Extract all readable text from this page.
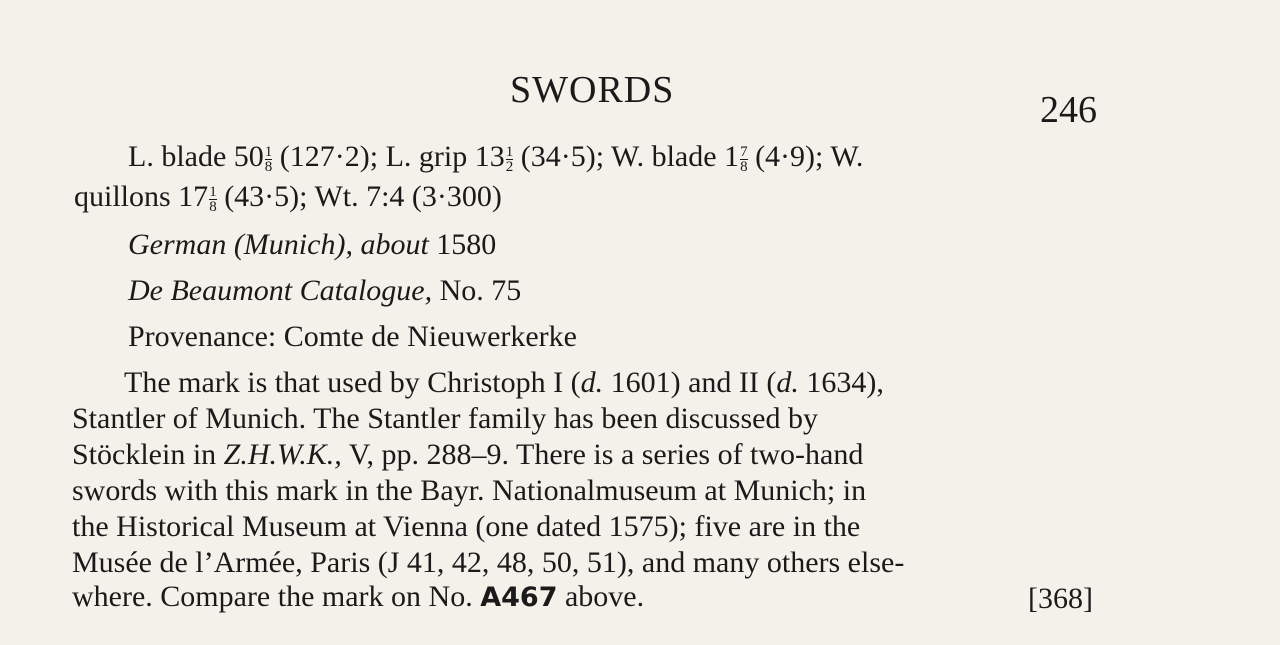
SWORDS	246
L. blade $50 \frac{1}{8} (127\cdot 2)$; L. grip $13 \frac{1}{2} (34\cdot 5)$; W. blade $1 \frac{7}{8} (4\cdot 9)$; W.
quillons $17 \frac{1}{8} (43\cdot 5)$; Wt. 7:4 (3·300)
German (Munich), about 1580
De Beaumont Catalogue, No. 75
Provenance: Comte de Nieuwerkerke
The mark is that used by Christoph I (d. 1601) and II (d. 1634),
Stantler of Munich. The Stantler family has been discussed by
Stöcklein in Z.H.W.K., V, pp. 288–9. There is a series of two-hand
swords with this mark in the Bayr. Nationalmuseum at Munich; in
the Historical Museum at Vienna (one dated 1575); five are in the
Musée de l’Armée, Paris (J 41, 42, 48, 50, 51), and many others else-
where. Compare the mark on No. A467 above.	[368]
